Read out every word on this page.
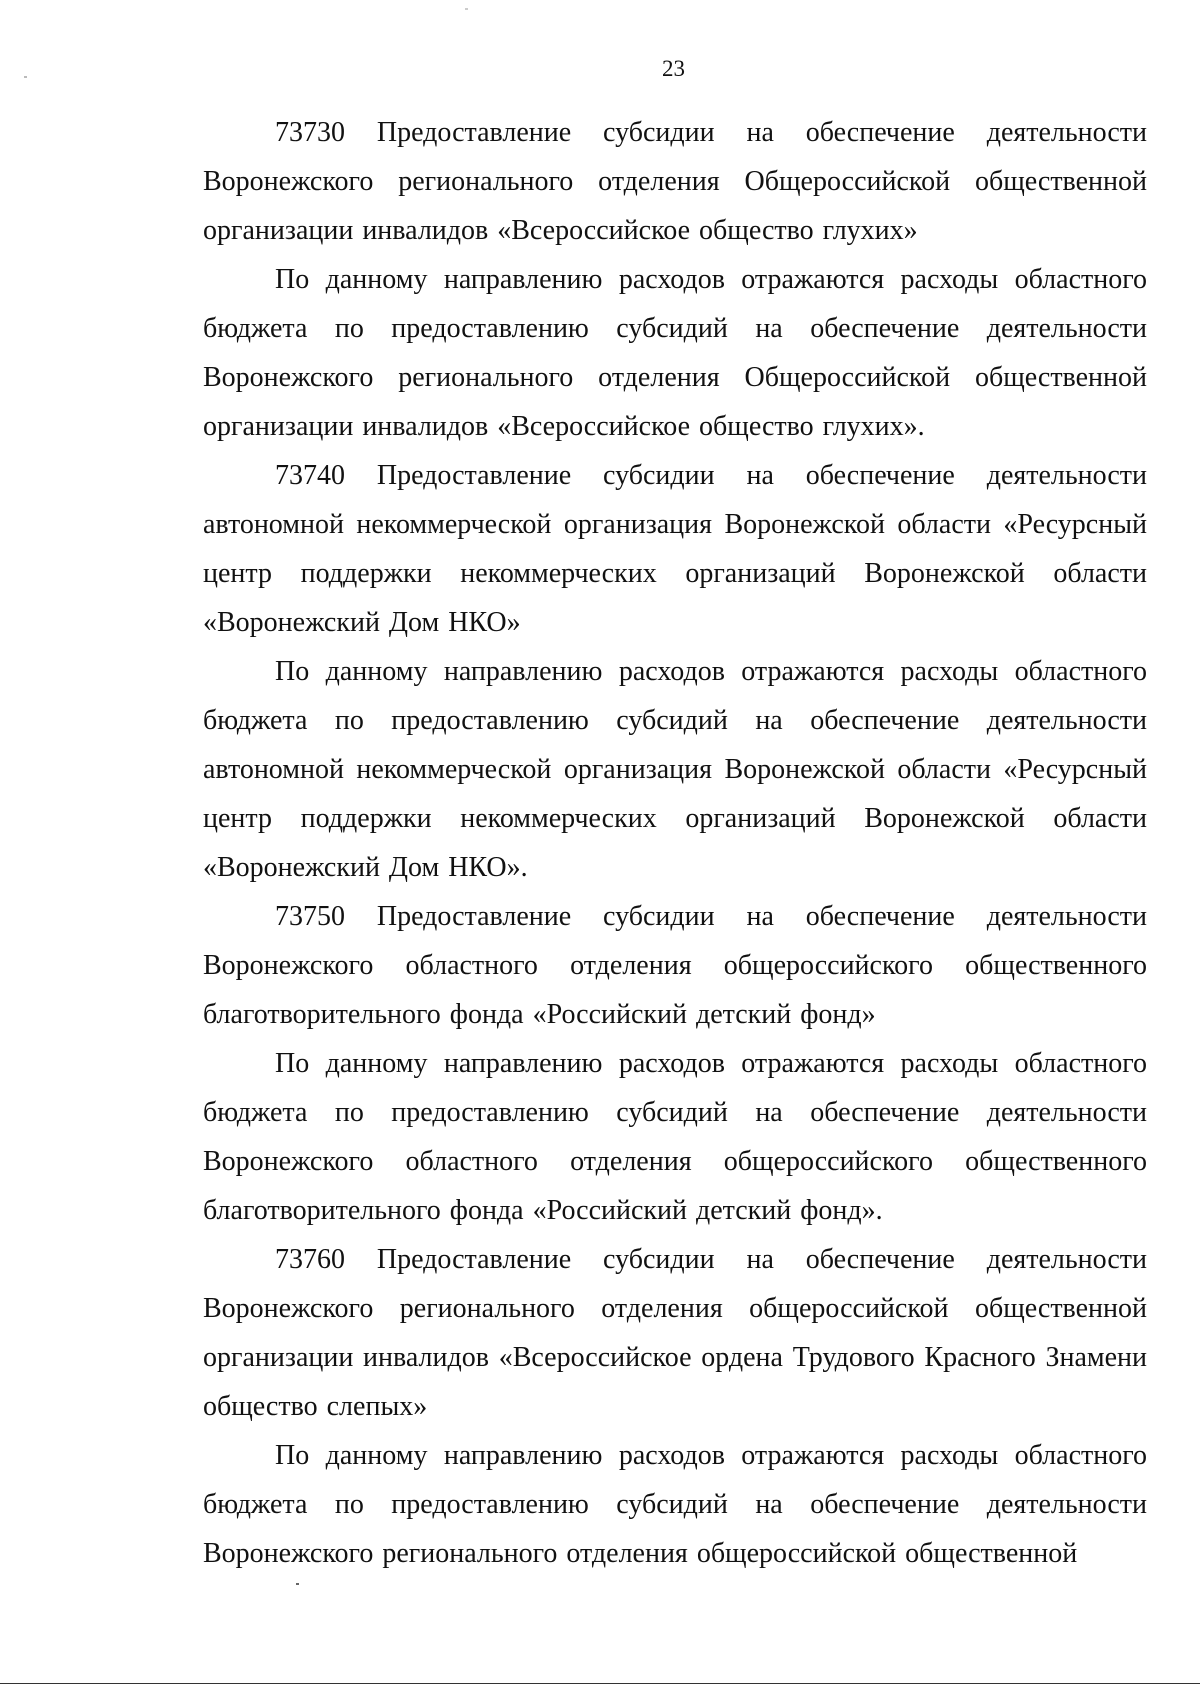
23

73730 Предоставление субсидии на обеспечение деятельности Воронежского регионального отделения Общероссийской общественной организации инвалидов «Всероссийское общество глухих»

По данному направлению расходов отражаются расходы областного бюджета по предоставлению субсидий на обеспечение деятельности Воронежского регионального отделения Общероссийской общественной организации инвалидов «Всероссийское общество глухих».

73740 Предоставление субсидии на обеспечение деятельности автономной некоммерческой организация Воронежской области «Ресурсный центр поддержки некоммерческих организаций Воронежской области «Воронежский Дом НКО»

По данному направлению расходов отражаются расходы областного бюджета по предоставлению субсидий на обеспечение деятельности автономной некоммерческой организация Воронежской области «Ресурсный центр поддержки некоммерческих организаций Воронежской области «Воронежский Дом НКО».

73750 Предоставление субсидии на обеспечение деятельности Воронежского областного отделения общероссийского общественного благотворительного фонда «Российский детский фонд»

По данному направлению расходов отражаются расходы областного бюджета по предоставлению субсидий на обеспечение деятельности Воронежского областного отделения общероссийского общественного благотворительного фонда «Российский детский фонд».

73760 Предоставление субсидии на обеспечение деятельности Воронежского регионального отделения общероссийской общественной организации инвалидов «Всероссийское ордена Трудового Красного Знамени общество слепых»

По данному направлению расходов отражаются расходы областного бюджета по предоставлению субсидий на обеспечение деятельности Воронежского регионального отделения общероссийской общественной
